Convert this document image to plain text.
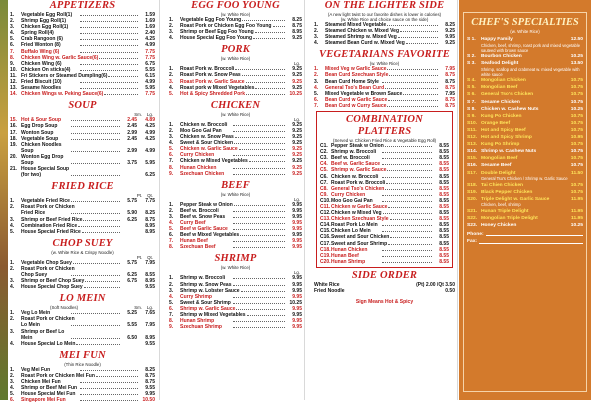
APPETIZERS
1.	Vegetable Egg Roll(1)	1.59
2.	Shrimp Egg Roll(1)	1.69
3.	Chicken Egg Roll(1)	1.69
4.	Spring Roll(4)	2.40
5.	Crab Rangoon (6)	4.25
6.	Fried Wonton (8)	4.99
7.	Buffalo Wing (6)	7.75
8.	Chicken Wing w. Garlic Sauce(6)	7.75
9.	Chicken Wing (6)	6.75
10. Chicken On sticks(4)	5.55
11. Fri Stickers or Steamed Dumpling(6)	6.15
12. Fried Biscuit (10)	4.99
13. Sesame Noodles	5.95
14. Chicken Wings w. Peking Sauce(6)	7.75
SOUP
Sm. Lg.
15. Hot & Sour Soup	2.45	4.89
16. Egg Drop Soup	2.45	4.25
17. Wonton Soup	2.99	4.99
18. Vegetable Soup	2.45	4.25
19. Chicken Noodles
Soup	2.99	4.99
20. Wonton Egg Drop
Soup	3.75	5.95
21. House Special Soup
(for two)	6.25
FRIED RICE
Pt. Qt.
1.	Vegetable Fried Rice	5.75	7.75
2.	Roast Pork or Chicken
Fried Rice	5.90	8.25
3.	Shrimp or Beef Fried Rice	6.25	8.75
4.	Combination Fried Rice	8.95
5.	House Special Fried Rice	8.95
CHOP SUEY
(w. White Rice & Crispy Noodle)
Pt. Qt.
1.	Vegetable Chop Suey	5.75	7.95
2.	Roast Pork or Chicken
Chop Suey	6.25	8.55
3.	Shrimp or Beef Chop Suey	6.75	8.95
4.	House Special Chop Suey	9.55
LO MEIN
(Soft Noodles)	Sm. Lg.
1.	Veg Lo Mein	5.25	7.65
2.	Roast Pork or Chicken
Lo Mein	5.55	7.95
3.	Shrimp or Beef Lo
Mein	6.50	8.95
4.	House Special Lo Mein	9.55
MEI FUN
(Thin Rice Noodle)
1.	Veg Mei Fun	8.25
2.	Roast Pork or Chicken Mei Fun	8.75
3.	Chicken Mei Fun	8.75
4.	Shrimp or Beef Mei Fun	9.55
5.	House Special Mei Fun	9.95
6.	Singapore Mei Fun	10.50
EGG FOO YOUNG
(w. White Rice)
1.	Vegetable Egg Foo Young	8.25
2.	Roast Pork or Chicken Egg Foo Young	8.75
3.	Shrimp or Beef Egg Foo Young	8.95
4.	House Special Egg Foo Young	9.25
PORK
(w. White Rice)
Lg.
1.	Roast Pork w. Broccoli	9.25
2.	Roast Pork w. Snow Peas	9.25
3.	Roast Pork w. Garlic Sauce	9.25
4.	Roast pork w Mixed Vegetables	9.25
5.	Hot & Spicy Shredded Pork	10.25
CHICKEN
(w. White Rice)
Lg.
1.	Chicken w. Broccoli	9.25
2.	Moo Goo Gai Pan	9.25
3.	Chicken w. Snow Peas	9.25
4.	Sweet & Sour Chicken	9.25
5.	Chicken w. Garlic Sauce	9.25
6.	Curry Chicken	9.25
7.	Chicken w Mixed Vegetables	9.25
8.	Hunan Chicken	9.25
9.	Szechuan Chicken	9.25
BEEF
(w. White Rice)
Lg.
1.	Pepper Steak w Onion	9.95
2.	Beef w. Broccoli	9.95
3.	Beef w. Snow Peas	9.95
4.	Curry Beef	9.95
5.	Beef w Garlic Sauce	9.95
6.	Beef w Mixed Vegetables	9.95
7.	Hunan Beef	9.95
8.	Szechuan Beef	9.95
SHRIMP
(w. White Rice)
Lg.
1.	Shrimp w. Broccoli	9.95
2.	Shrimp w. Snow Peas	9.95
3.	Shrimp w. Lobster Sauce	9.95
4.	Curry Shrimp	9.95
5.	Sweet & Sour Shrimp	10.25
6.	Shrimp w. Garlic Sauce	9.95
7.	Shrimp w Mixed Vegetables	9.95
8.	Hunan Shrimp	9.95
9.	Szechuan Shrimp	9.95
ON THE LIGHTER SIDE
(A new light twist to our favorite dishes is lower in calories)
(w. White Rice and choice sauce on the side)
1.	Steamed Mixed Vegetable	8.25
2.	Steamed Chicken w. Mixed Veg	9.25
3.	Steamed Shrimp w. Mixed Veg	9.95
4.	Steamed Bean Curd w. Mixed Veg	9.25
VEGETARIANS FAVORITE
(w. White Rice)
1.	Mixed Veg w Garlic Sauce	7.95
2.	Bean Curd Szechuan Style	8.75
3.	Bean Curd Home Style	8.75
4.	General Tso's Bean Curd	8.75
5.	Mixed Vegetable w Brown Sauce	7.95
6.	Bean Curd w Garlic Sauce	8.75
7.	Bean Curd w Curry Sauce	8.75
COMBINATION PLATTERS
(Served w. Chicken Fried Rice & Vegetable Egg Roll)
C1. Pepper Steak w Onion	8.55
C2. Shrimp w. Broccoli	8.55
C3. Beef w. Broccoli	8.55
C4. Beef w. Garlic Sauce	8.55
C5. Shrimp w. Garlic Sauce	8.55
C6. Chicken w. Broccoli	8.55
C7. Roast Pork w. Broccoli	8.55
C8. General Tso's Chicken	8.55
C9. Curry Chicken	8.55
C10. Moo Goo Gai Pan	8.55
C11. Chicken w Garlic Sauce	8.55
C12. Chicken w Mixed Veg	8.55
C13. Chicken Szechuan Style	8.55
C14. Roast Pork Lo Mein	8.55
C15. Chicken Lo Mein	8.55
C16. Sweet and Sour Chicken	8.55
C17. Sweet and Sour Shrimp	8.55
C18. Hunan Chicken	8.55
C19. Hunan Beef	8.55
C20. Hunan Shrimp	8.55
SIDE ORDER
White Rice	(Pt) 2.00 /Qt 3.50
Fried Noodle	0.50
Sign Means Hot & Spicy
CHEF'S SPECIALTIES
(w. White Rice)
S 1.	Happy Family	12.50
Chicken, beef, shrimp, roast pork and mixed vegetable sauteed with brown sauce
S 2.	Bourbon Chicken	10.25
S 3.	Seafood Delight	13.50
Shrimp, scallop and crabmeat w. mixed vegetable with white sauce
S 4.	Mongolian Chicken	10.75
S 5.	Mongolian Beef	10.75
S 6.	General Tso's Chicken	10.75
S 7.	Sesame Chicken	10.75
S 8.	Chicken w. Cashew Nuts	10.25
S 9.	Kung Po Chicken	10.75
S10. Orange Beef	10.75
S11. Hot and Spicy Beef	10.75
S12. Hot and Spicy Shrimp	10.95
S13. Kung Po Shrimp	10.75
S14. Shrimp w. Cashew Nuts	10.75
S15. Mongolian Beef	10.75
S16. Sesame Beef	10.75
S17. Double Delight	11.50
General Tso's Chicken / Shrimp w. Garlic Sauce
S18. Tai Chien Chicken	10.75
S19. Black Pepper Chicken	10.75
S20. Triple Delight w. Garlic Sauce	11.95
Chicken, beef, shrimp
S21. Hunan Triple Delight	11.95
S22. Mongolian Triple Delight	11.95
S23. Honey Chicken	10.25
Phone:
Fax:
